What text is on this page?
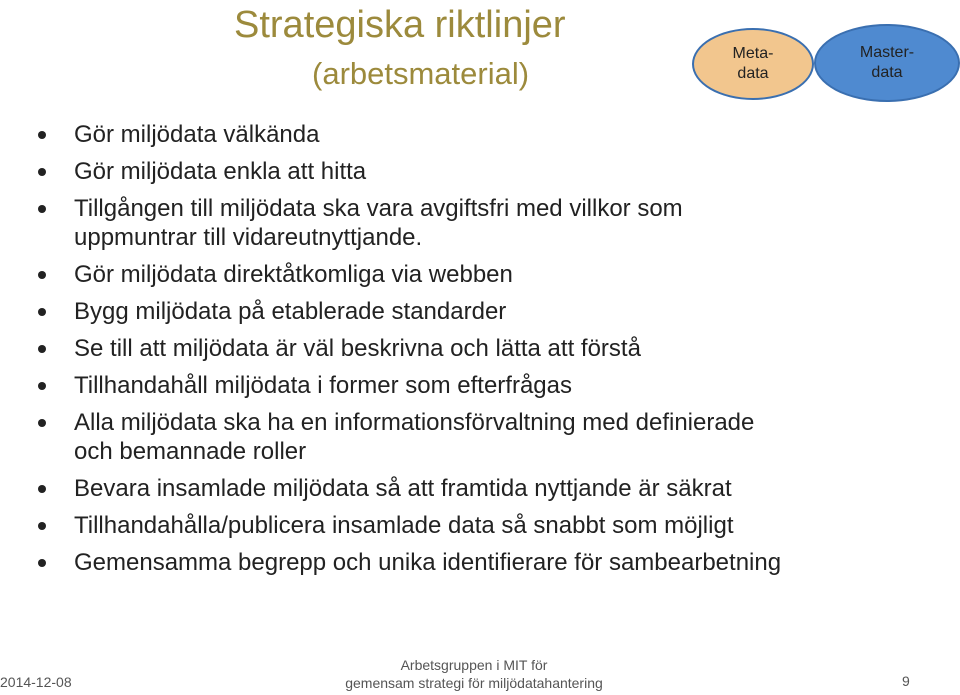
Strategiska riktlinjer
(arbetsmaterial)
Meta-
data
Master-
data
Gör miljödata välkända
Gör miljödata enkla att hitta
Tillgången till miljödata ska vara avgiftsfri med villkor som
uppmuntrar till vidareutnyttjande.
Gör miljödata direktåtkomliga via webben
Bygg miljödata på etablerade standarder
Se till att miljödata är väl beskrivna och lätta att förstå
Tillhandahåll miljödata i former som efterfrågas
Alla miljödata ska ha en informationsförvaltning med definierade
och bemannade roller
Bevara insamlade miljödata så att framtida nyttjande är säkrat
Tillhandahålla/publicera insamlade data så snabbt som möjligt
Gemensamma begrepp och unika identifierare för sambearbetning
2014-12-08
Arbetsgruppen i MIT för
gemensam strategi för miljödatahantering	9
